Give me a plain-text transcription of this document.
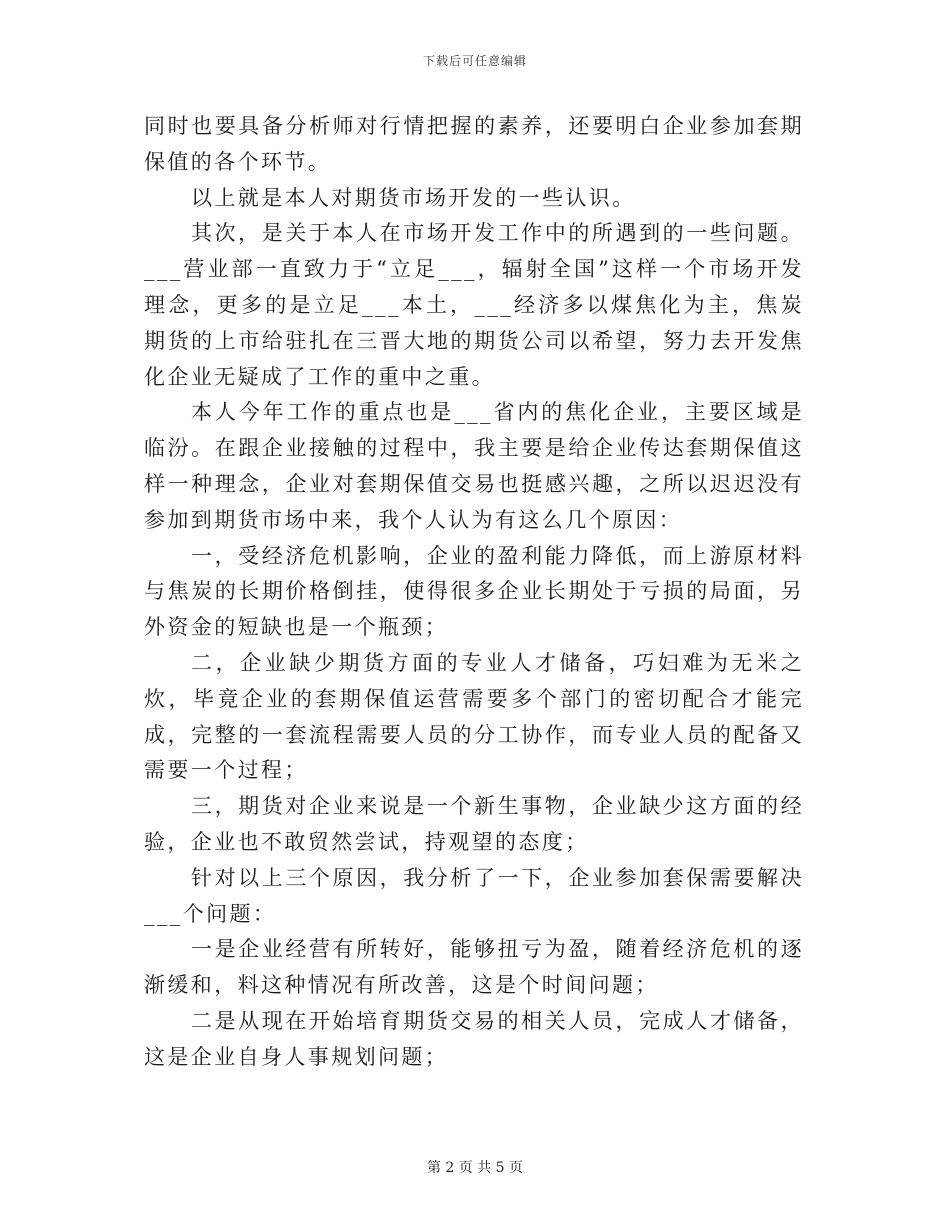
下载后可任意编辑

同时也要具备分析师对行情把握的素养，还要明白企业参加套期保值的各个环节。

以上就是本人对期货市场开发的一些认识。

其次，是关于本人在市场开发工作中的所遇到的一些问题。___营业部一直致力于“立足___，辐射全国”这样一个市场开发理念，更多的是立足___本土，___经济多以煤焦化为主，焦炭期货的上市给驻扎在三晋大地的期货公司以希望，努力去开发焦化企业无疑成了工作的重中之重。

本人今年工作的重点也是___省内的焦化企业，主要区域是临汾。在跟企业接触的过程中，我主要是给企业传达套期保值这样一种理念，企业对套期保值交易也挺感兴趣，之所以迟迟没有参加到期货市场中来，我个人认为有这么几个原因：

一，受经济危机影响，企业的盈利能力降低，而上游原材料与焦炭的长期价格倒挂，使得很多企业长期处于亏损的局面，另外资金的短缺也是一个瓶颈；

二，企业缺少期货方面的专业人才储备，巧妇难为无米之炊，毕竟企业的套期保值运营需要多个部门的密切配合才能完成，完整的一套流程需要人员的分工协作，而专业人员的配备又需要一个过程；

三，期货对企业来说是一个新生事物，企业缺少这方面的经验，企业也不敢贸然尝试，持观望的态度；

针对以上三个原因，我分析了一下，企业参加套保需要解决___个问题：

一是企业经营有所转好，能够扭亏为盈，随着经济危机的逐渐缓和，料这种情况有所改善，这是个时间问题；

二是从现在开始培育期货交易的相关人员，完成人才储备，这是企业自身人事规划问题；

第 2 页 共 5 页
